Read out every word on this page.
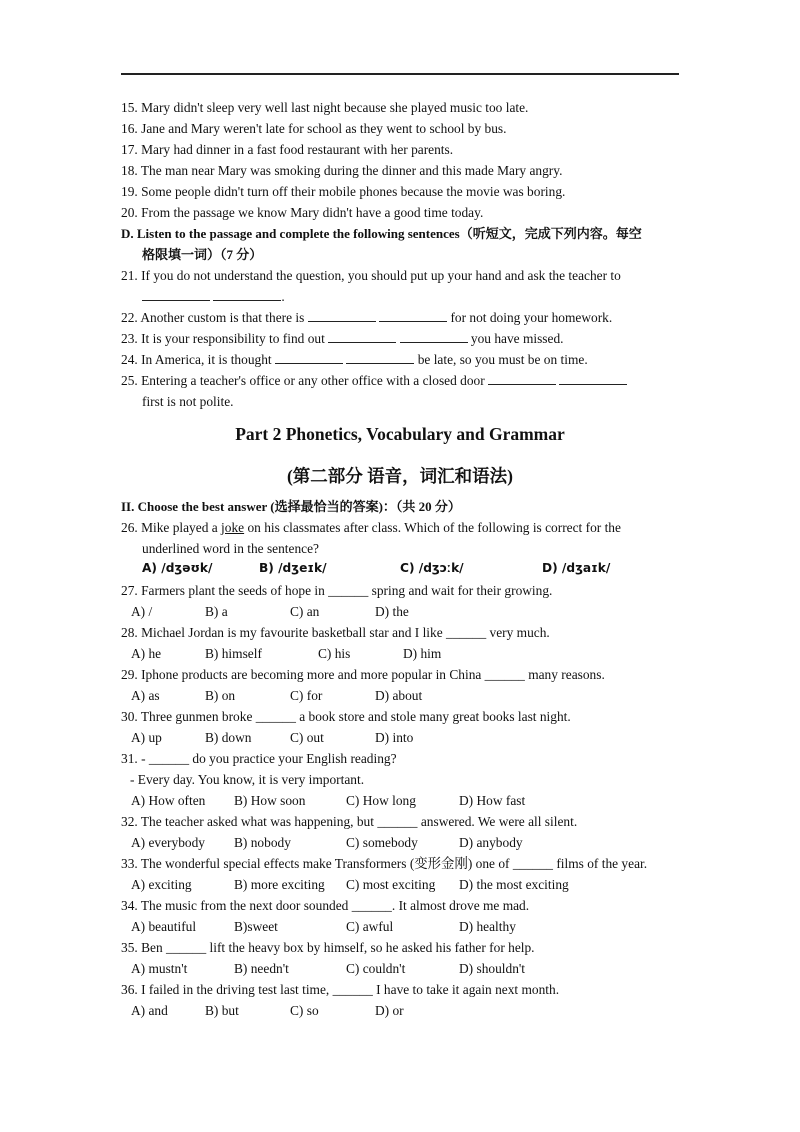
15. Mary didn't sleep very well last night because she played music too late.
16. Jane and Mary weren't late for school as they went to school by bus.
17. Mary had dinner in a fast food restaurant with her parents.
18. The man near Mary was smoking during the dinner and this made Mary angry.
19. Some people didn't turn off their mobile phones because the movie was boring.
20. From the passage we know Mary didn't have a good time today.
D. Listen to the passage and complete the following sentences（听短文，完成下列内容。每空
格限填一词）（7 分）
21. If you do not understand the question, you should put up your hand and ask the teacher to
.
22. Another custom is that there is	for not doing your homework.
23. It is your responsibility to find out	you have missed.
24. In America, it is thought	be late, so you must be on time.
25. Entering a teacher's office or any other office with a closed door
first is not polite.
Part 2 Phonetics, Vocabulary and Grammar
(第二部分 语音，词汇和语法)
II. Choose the best answer (选择最恰当的答案)：（共 20 分）
26. Mike played a joke on his classmates after class. Which of the following is correct for the
underlined word in the sentence?
A) /dʒəʊk/	B) /dʒeɪk/	C) /dʒɔːk/	D) /dʒaɪk/
27. Farmers plant the seeds of hope in ______ spring and wait for their growing.
A) /	B) a	C) an	D) the
28. Michael Jordan is my favourite basketball star and I like ______ very much.
A) he	B) himself	C) his	D) him
29. Iphone products are becoming more and more popular in China ______ many reasons.
A) as	B) on	C) for	D) about
30. Three gunmen broke ______ a book store and stole many great books last night.
A) up	B) down	C) out	D) into
31. - ______ do you practice your English reading?
- Every day. You know, it is very important.
A) How often B) How soon	C) How long	D) How fast
32. The teacher asked what was happening, but ______ answered. We were all silent.
A) everybody B) nobody	C) somebody	D) anybody
33. The wonderful special effects make Transformers (变形金刚) one of ______ films of the year.
A) exciting	B) more exciting C) most exciting D) the most exciting
34. The music from the next door sounded ______. It almost drove me mad.
A) beautiful	B)sweet	C) awful	D) healthy
35. Ben ______ lift the heavy box by himself, so he asked his father for help.
A) mustn't	B) needn't	C) couldn't	D) shouldn't
36. I failed in the driving test last time, ______ I have to take it again next month.
A) and	B) but	C) so	D) or
